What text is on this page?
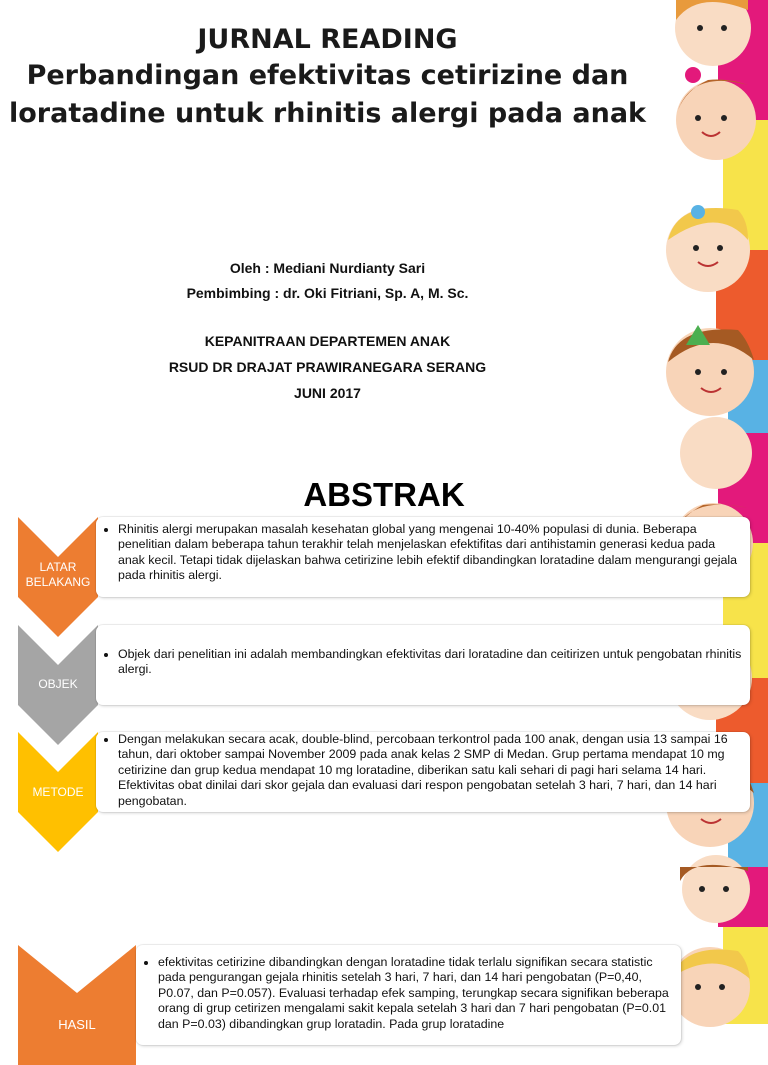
JURNAL READING
Perbandingan efektivitas cetirizine dan
loratadine untuk rhinitis alergi pada anak
Oleh : Mediani Nurdianty Sari
Pembimbing : dr. Oki Fitriani, Sp. A, M. Sc.
KEPANITRAAN DEPARTEMEN ANAK
RSUD DR DRAJAT PRAWIRANEGARA SERANG
JUNI 2017
ABSTRAK
LATAR
BELAKANG
• Rhinitis alergi merupakan masalah kesehatan global yang mengenai 10-40% populasi di dunia. Beberapa penelitian dalam beberapa tahun terakhir telah menjelaskan efektifitas dari antihistamin generasi kedua pada anak kecil. Tetapi tidak dijelaskan bahwa cetirizine lebih efektif dibandingkan loratadine dalam mengurangi gejala pada rhinitis alergi.
OBJEK
• Objek dari penelitian ini adalah membandingkan efektivitas dari loratadine dan ceitirizen untuk pengobatan rhinitis alergi.
METODE
• Dengan melakukan secara acak, double-blind, percobaan terkontrol pada 100 anak, dengan usia 13 sampai 16 tahun, dari oktober sampai November 2009 pada anak kelas 2 SMP di Medan. Grup pertama mendapat 10 mg cetirizine dan grup kedua mendapat 10 mg loratadine, diberikan satu kali sehari di pagi hari selama 14 hari. Efektivitas obat dinilai dari skor gejala dan evaluasi dari respon pengobatan setelah 3 hari, 7 hari, dan 14 hari pengobatan.
HASIL
• efektivitas cetirizine dibandingkan dengan loratadine tidak terlalu signifikan secara statistic pada pengurangan gejala rhinitis setelah 3 hari, 7 hari, dan 14 hari pengobatan (P=0,40, P0.07, dan P=0.057). Evaluasi terhadap efek samping, terungkap secara signifikan beberapa orang di grup cetirizen mengalami sakit kepala setelah 3 hari dan 7 hari pengobatan (P=0.01 dan P=0.03) dibandingkan grup loratadin. Pada grup loratadine
